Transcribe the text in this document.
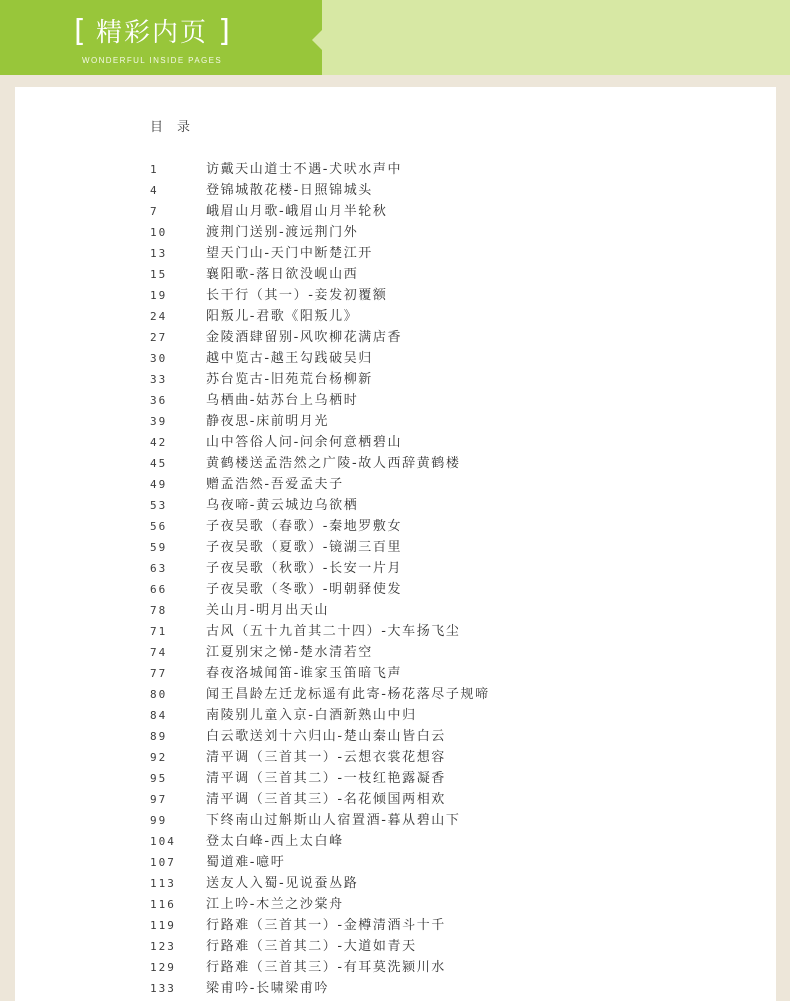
[ 精彩内页 ]
WONDERFUL INSIDE PAGES
目录
1	访戴天山道士不遇-犬吠水声中
4	登锦城散花楼-日照锦城头
7	峨眉山月歌-峨眉山月半轮秋
10	渡荆门送别-渡远荆门外
13	望天门山-天门中断楚江开
15	襄阳歌-落日欲没岘山西
19	长干行（其一）-妾发初覆额
24	阳叛儿-君歌《阳叛儿》
27	金陵酒肆留别-风吹柳花满店香
30	越中览古-越王勾践破吴归
33	苏台览古-旧苑荒台杨柳新
36	乌栖曲-姑苏台上乌栖时
39	静夜思-床前明月光
42	山中答俗人问-问余何意栖碧山
45	黄鹤楼送孟浩然之广陵-故人西辞黄鹤楼
49	赠孟浩然-吾爱孟夫子
53	乌夜啼-黄云城边乌欲栖
56	子夜吴歌（春歌）-秦地罗敷女
59	子夜吴歌（夏歌）-镜湖三百里
63	子夜吴歌（秋歌）-长安一片月
66	子夜吴歌（冬歌）-明朝驿使发
78	关山月-明月出天山
71	古风（五十九首其二十四）-大车扬飞尘
74	江夏别宋之悌-楚水清若空
77	春夜洛城闻笛-谁家玉笛暗飞声
80	闻王昌龄左迁龙标遥有此寄-杨花落尽子规啼
84	南陵别儿童入京-白酒新熟山中归
89	白云歌送刘十六归山-楚山秦山皆白云
92	清平调（三首其一）-云想衣裳花想容
95	清平调（三首其二）-一枝红艳露凝香
97	清平调（三首其三）-名花倾国两相欢
99	下终南山过斛斯山人宿置酒-暮从碧山下
104 登太白峰-西上太白峰
107 蜀道难-噫吁
113 送友人入蜀-见说蚕丛路
116 江上吟-木兰之沙棠舟
119 行路难（三首其一）-金樽清酒斗十千
123 行路难（三首其二）-大道如青天
129 行路难（三首其三）-有耳莫洗颍川水
133 梁甫吟-长啸梁甫吟
